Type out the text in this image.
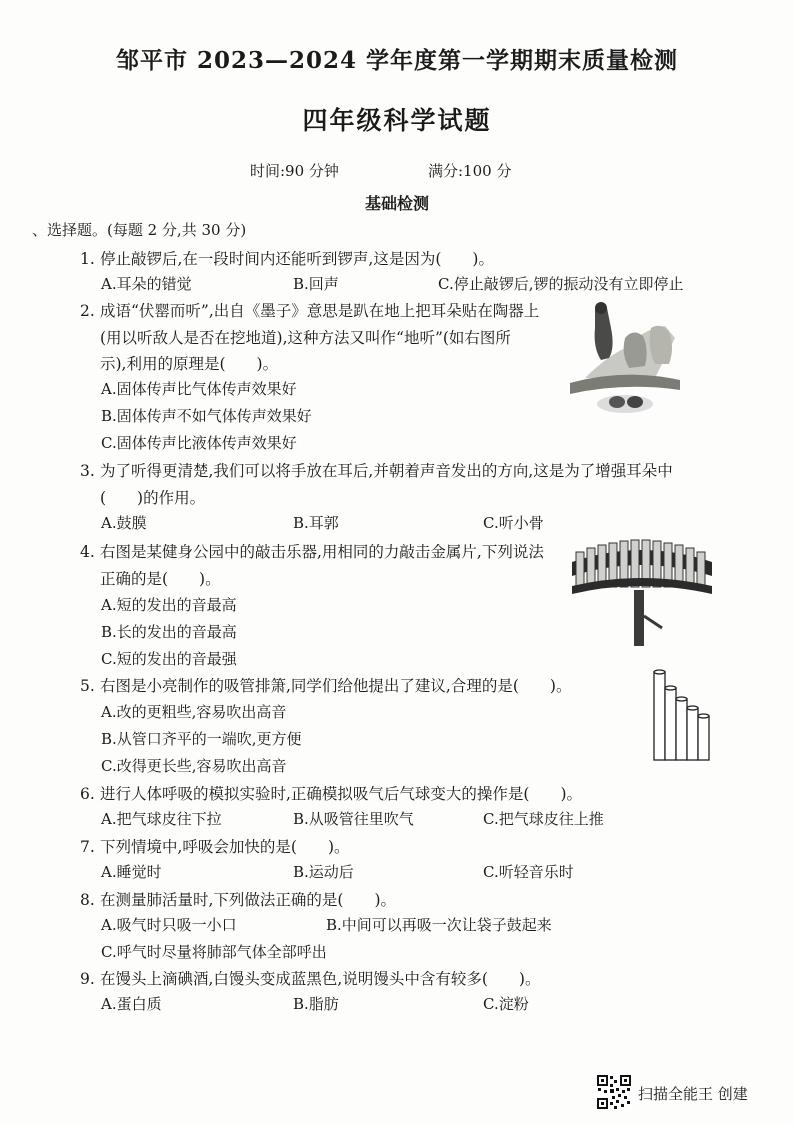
邹平市 2023—2024 学年度第一学期期末质量检测
四年级科学试题
时间:90 分钟	满分:100 分
基础检测
、选择题。(每题 2 分,共 30 分)
1. 停止敲锣后,在一段时间内还能听到锣声,这是因为(　　)。
A.耳朵的错觉	B.回声	C.停止敲锣后,锣的振动没有立即停止
2. 成语“伏罂而听”,出自《墨子》意思是趴在地上把耳朵贴在陶器上
(用以听敌人是否在挖地道),这种方法又叫作“地听”(如右图所
示),利用的原理是(　　)。
A.固体传声比气体传声效果好
B.固体传声不如气体传声效果好
C.固体传声比液体传声效果好
3. 为了听得更清楚,我们可以将手放在耳后,并朝着声音发出的方向,这是为了增强耳朵中
(　　)的作用。
A.鼓膜	B.耳郭	C.听小骨
4. 右图是某健身公园中的敲击乐器,用相同的力敲击金属片,下列说法
正确的是(　　)。
A.短的发出的音最高
B.长的发出的音最高
C.短的发出的音最强
5. 右图是小亮制作的吸管排箫,同学们给他提出了建议,合理的是(　　)。
A.改的更粗些,容易吹出高音
B.从管口齐平的一端吹,更方便
C.改得更长些,容易吹出高音
6. 进行人体呼吸的模拟实验时,正确模拟吸气后气球变大的操作是(　　)。
A.把气球皮往下拉	B.从吸管往里吹气	C.把气球皮往上推
7. 下列情境中,呼吸会加快的是(　　)。
A.睡觉时	B.运动后	C.听轻音乐时
8. 在测量肺活量时,下列做法正确的是(　　)。
A.吸气时只吸一小口	B.中间可以再吸一次让袋子鼓起来
C.呼气时尽量将肺部气体全部呼出
9. 在馒头上滴碘酒,白馒头变成蓝黑色,说明馒头中含有较多(　　)。
A.蛋白质	B.脂肪	C.淀粉
扫描全能王 创建
